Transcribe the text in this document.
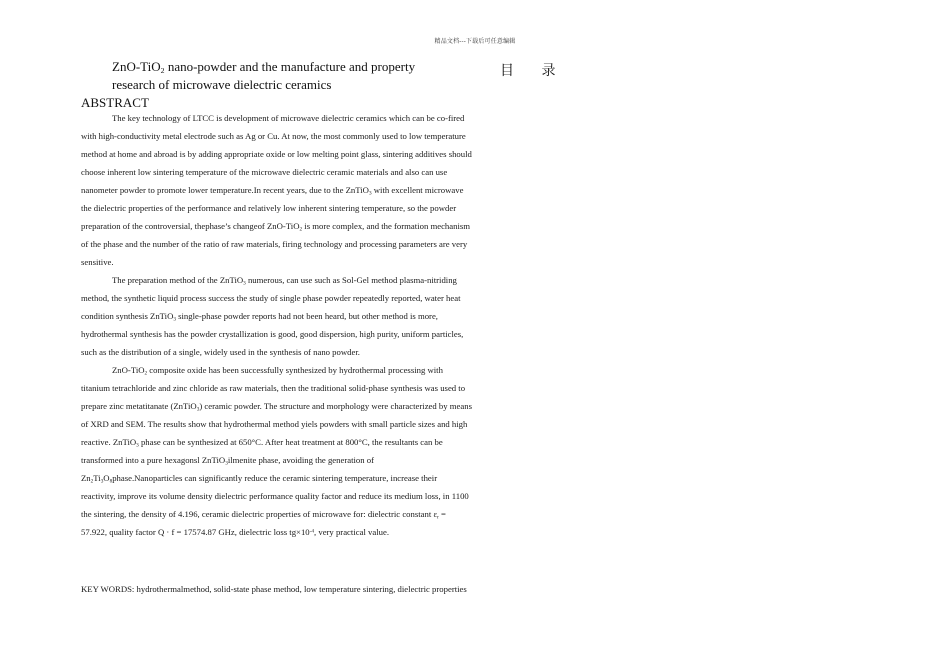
精品文档---下载后可任意编辑
目 录
ZnO-TiO$_2$ nano-powder and the manufacture and property research of microwave dielectric ceramics
ABSTRACT

The key technology of LTCC is development of microwave dielectric ceramics which can be co-fired with high-conductivity metal electrode such as Ag or Cu. At now, the most commonly used to low temperature method at home and abroad is by adding appropriate oxide or low melting point glass, sintering additives should choose inherent low sintering temperature of the microwave dielectric ceramic materials and also can use nanometer powder to promote lower temperature.In recent years, due to the ZnTiO$_3$ with excellent microwave the dielectric properties of the performance and relatively low inherent sintering temperature, so the powder preparation of the controversial, thephase’s changeof ZnO-TiO$_2$ is more complex, and the formation mechanism of the phase and the number of the ratio of raw materials, firing technology and processing parameters are very sensitive.

The preparation method of the ZnTiO$_3$ numerous, can use such as Sol-Gel method plasma-nitriding method, the synthetic liquid process success the study of single phase powder repeatedly reported, water heat condition synthesis ZnTiO$_3$ single-phase powder reports had not been heard, but other method is more, hydrothermal synthesis has the powder crystallization is good, good dispersion, high purity, uniform particles, such as the distribution of a single, widely used in the synthesis of nano powder.

ZnO-TiO$_2$ composite oxide has been successfully synthesized by hydrothermal processing with titanium tetrachloride and zinc chloride as raw materials, then the traditional solid-phase synthesis was used to prepare zinc metatitanate (ZnTiO$_3$) ceramic powder. The structure and morphology were characterized by means of XRD and SEM. The results show that hydrothermal method yiels powders with small particle sizes and high reactive. ZnTiO$_3$ phase can be synthesized at 650°C. After heat treatment at 800°C, the resultants can be transformed into a pure hexagonsl ZnTiO$_3$ilmenite phase, avoiding the generation of $Zn_2Ti_3O_8phase.Nanoparticles$ can significantly reduce the ceramic sintering temperature, increase their reactivity, improve its volume density dielectric performance quality factor and reduce its medium loss, in 1100 the sintering, the density of 4.196, ceramic dielectric properties of microwave for: dielectric constant $\varepsilon_r = 57.922$, quality factor Q · f = 17574.87 GHz, dielectric loss $tg\times 10^{-4}$, very practical value.

KEY WORDS: hydrothermalmethod, solid-state phase method, low temperature sintering, dielectric properties
